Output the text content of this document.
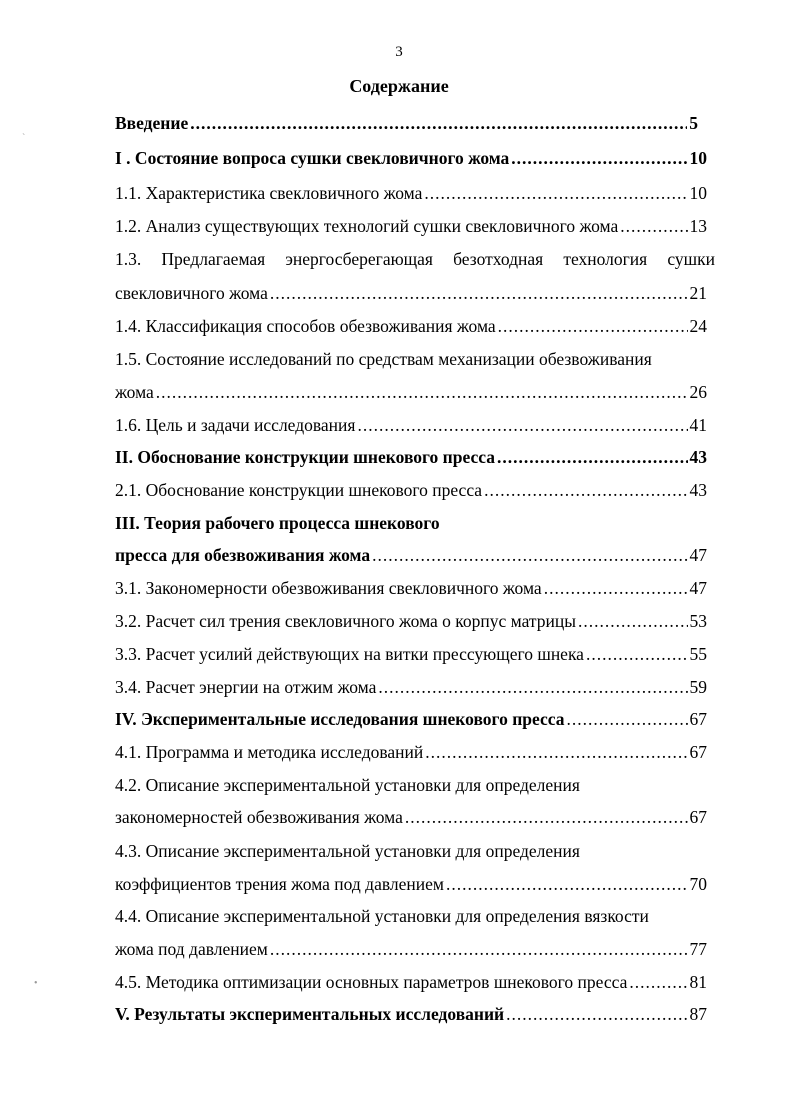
3
Содержание
`
•
Введение .....	5
I . Состояние вопроса сушки свекловичного жома .....	10
1.1. Характеристика свекловичного жома .....	10
1.2. Анализ существующих технологий сушки свекловичного жома .....	13
1.3. Предлагаемая энергосберегающая безотходная технология сушки
свекловичного жома .....	21
1.4. Классификация способов обезвоживания жома .....	24
1.5. Состояние исследований по средствам механизации обезвоживания
жома .....	26
1.6. Цель и задачи исследования .....	41
II. Обоснование конструкции шнекового пресса .....	43
2.1. Обоснование конструкции шнекового пресса .....	43
III. Теория рабочего процесса шнекового
пресса для обезвоживания жома .....	47
3.1. Закономерности обезвоживания свекловичного жома .....	47
3.2. Расчет сил трения свекловичного жома о корпус матрицы .....	53
3.3. Расчет усилий действующих на витки прессующего шнека .....	55
3.4. Расчет энергии на отжим жома .....	59
IV. Экспериментальные исследования шнекового пресса .....	67
4.1. Программа и методика исследований .....	67
4.2. Описание экспериментальной установки для определения
закономерностей обезвоживания жома .....	67
4.3. Описание экспериментальной установки для определения
коэффициентов трения жома под давлением .....	70
4.4. Описание экспериментальной установки для определения вязкости
жома под давлением .....	77
4.5. Методика оптимизации основных параметров шнекового пресса .....	81
V. Результаты экспериментальных исследований .....	87
